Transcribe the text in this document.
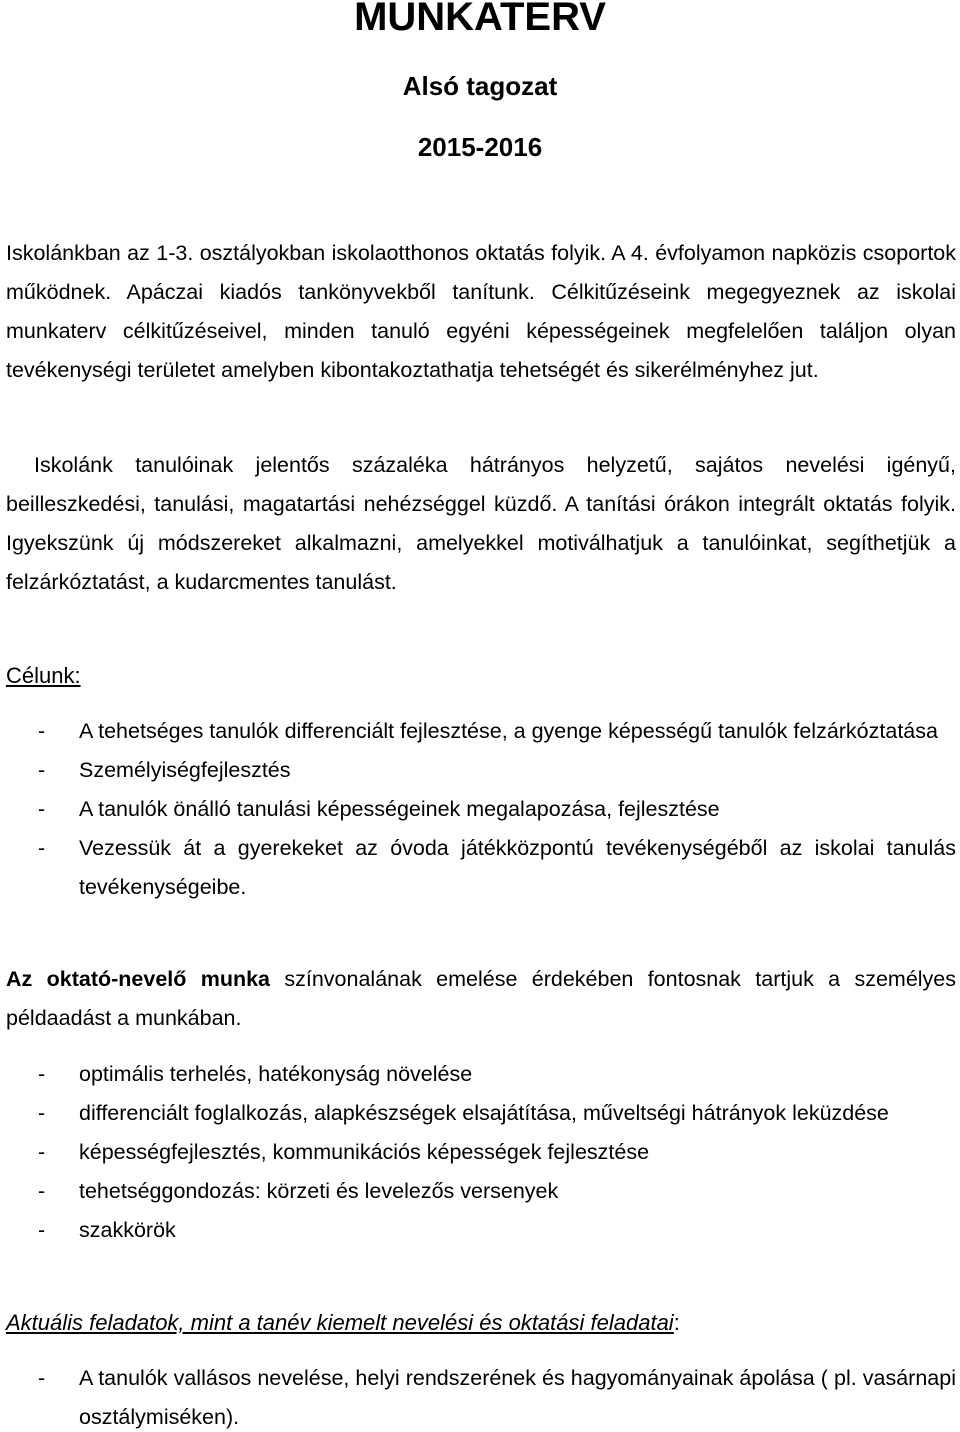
MUNKATERV
Alsó tagozat
2015-2016

Iskolánkban az 1-3. osztályokban iskolaotthonos oktatás folyik. A 4. évfolyamon napközis csoportok működnek. Apáczai kiadós tankönyvekből tanítunk. Célkitűzéseink megegyeznek az iskolai munkaterv célkitűzéseivel, minden tanuló egyéni képességeinek megfelelően találjon olyan tevékenységi területet amelyben kibontakoztathatja tehetségét és sikerélményhez jut.

Iskolánk tanulóinak jelentős százaléka hátrányos helyzetű, sajátos nevelési igényű, beilleszkedési, tanulási, magatartási nehézséggel küzdő. A tanítási órákon integrált oktatás folyik. Igyekszünk új módszereket alkalmazni, amelyekkel motiválhatjuk a tanulóinkat, segíthetjük a felzárkóztatást, a kudarcmentes tanulást.

Célunk:
- A tehetséges tanulók differenciált fejlesztése, a gyenge képességű tanulók felzárkóztatása
- Személyiségfejlesztés
- A tanulók önálló tanulási képességeinek megalapozása, fejlesztése
- Vezessük át a gyerekeket az óvoda játékközpontú tevékenységéből az iskolai tanulás tevékenységeibe.

Az oktató-nevelő munka színvonalának emelése érdekében fontosnak tartjuk a személyes példaadást a munkában.

- optimális terhelés, hatékonyság növelése
- differenciált foglalkozás, alapkészségek elsajátítása, műveltségi hátrányok leküzdése
- képességfejlesztés, kommunikációs képességek fejlesztése
- tehetséggondozás: körzeti és levelezős versenyek
- szakkörök
Aktuális feladatok, mint a tanév kiemelt nevelési és oktatási feladatai:
- A tanulók vallásos nevelése, helyi rendszerének és hagyományainak ápolása ( pl. vasárnapi osztálymiséken).
